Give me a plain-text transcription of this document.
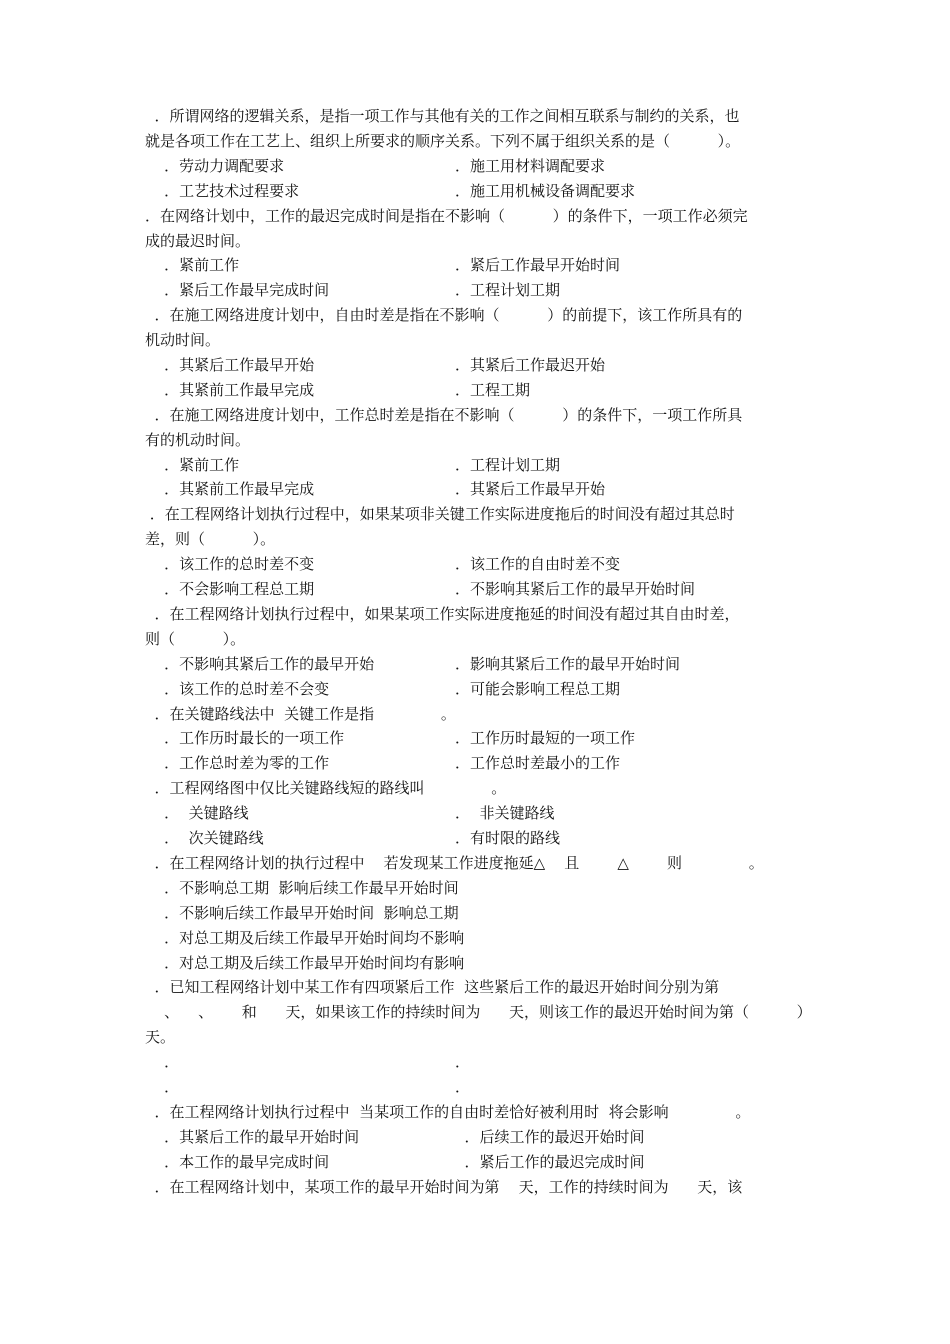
．所谓网络的逻辑关系，是指一项工作与其他有关的工作之间相互联系与制约的关系，也
就是各项工作在工艺上、组织上所要求的顺序关系。下列不属于组织关系的是（          ）。
．劳动力调配要求	．施工用材料调配要求
．工艺技术过程要求	．施工用机械设备调配要求
．在网络计划中，工作的最迟完成时间是指在不影响（          ）的条件下，一项工作必须完
成的最迟时间。
．紧前工作	．紧后工作最早开始时间
．紧后工作最早完成时间	．工程计划工期
．在施工网络进度计划中，自由时差是指在不影响（          ）的前提下，该工作所具有的
机动时间。
．其紧后工作最早开始	．其紧后工作最迟开始
．其紧前工作最早完成	．工程工期
．在施工网络进度计划中，工作总时差是指在不影响（          ）的条件下，一项工作所具
有的机动时间。
．紧前工作	．工程计划工期
．其紧前工作最早完成	．其紧后工作最早开始
．在工程网络计划执行过程中，如果某项非关键工作实际进度拖后的时间没有超过其总时
差，则（          ）。
．该工作的总时差不变	．该工作的自由时差不变
．不会影响工程总工期	．不影响其紧后工作的最早开始时间
．在工程网络计划执行过程中，如果某项工作实际进度拖延的时间没有超过其自由时差，
则（          ）。
．不影响其紧后工作的最早开始	．影响其紧后工作的最早开始时间
．该工作的总时差不会变	．可能会影响工程总工期
．在关键路线法中  关键工作是指              。
．工作历时最长的一项工作	．工作历时最短的一项工作
．工作总时差为零的工作	．工作总时差最小的工作
．工程网络图中仅比关键路线短的路线叫              。
．  关键路线	．  非关键路线
．  次关键路线	．有时限的路线
．在工程网络计划的执行过程中    若发现某工作进度拖延△    且        △        则              。
．不影响总工期  影响后续工作最早开始时间
．不影响后续工作最早开始时间  影响总工期
．对总工期及后续工作最早开始时间均不影响
．对总工期及后续工作最早开始时间均有影响
．已知工程网络计划中某工作有四项紧后工作  这些紧后工作的最迟开始时间分别为第
、    、      和      天，如果该工作的持续时间为      天，则该工作的最迟开始时间为第（          ）
天。
．	．
．	．
．在工程网络计划执行过程中  当某项工作的自由时差恰好被利用时  将会影响              。
．其紧后工作的最早开始时间	．后续工作的最迟开始时间
．本工作的最早完成时间	．紧后工作的最迟完成时间
．在工程网络计划中，某项工作的最早开始时间为第    天，工作的持续时间为      天，该
